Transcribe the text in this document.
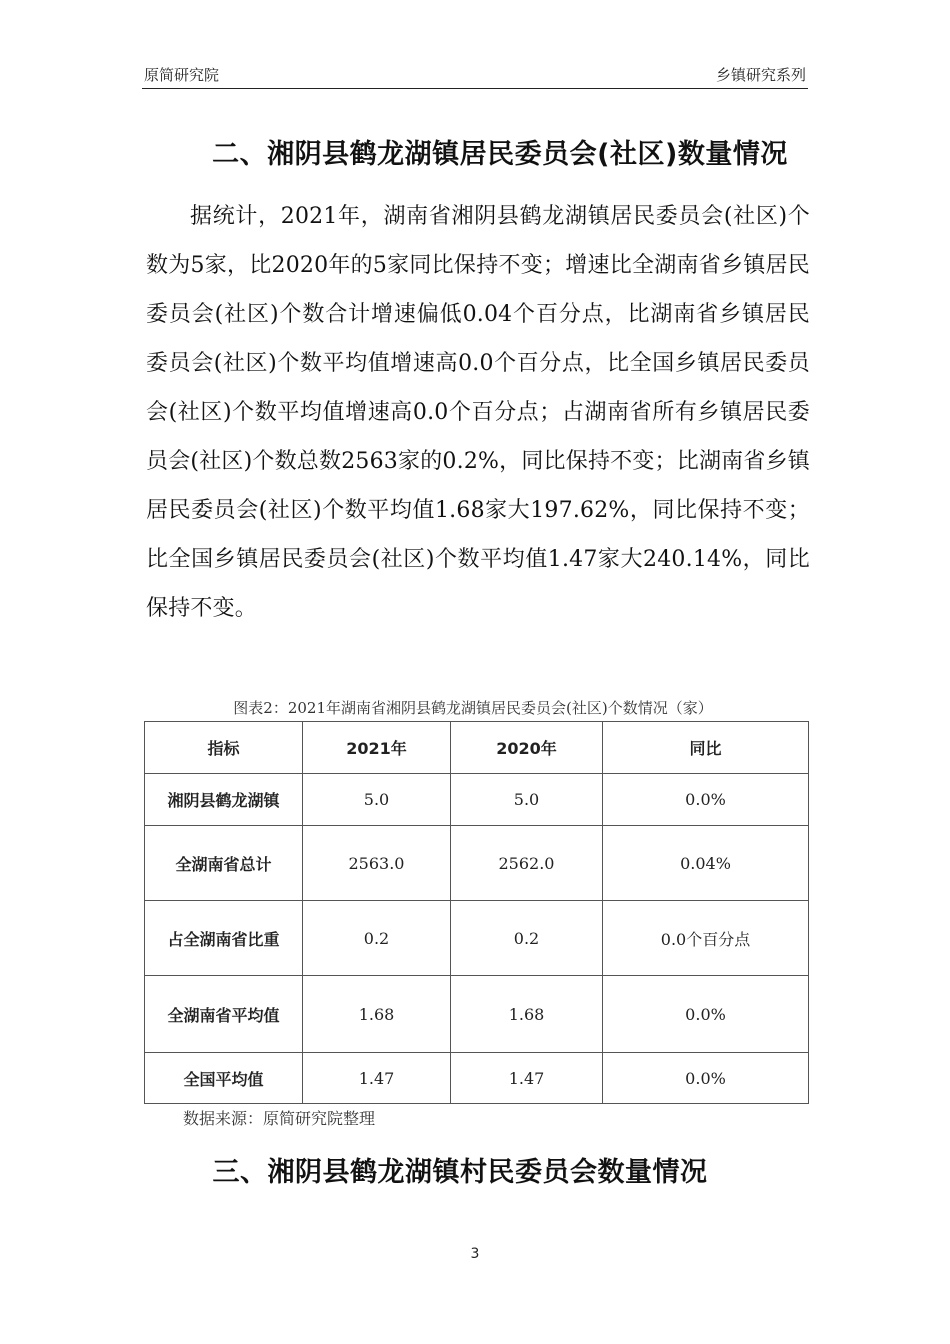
原简研究院	乡镇研究系列
二、湘阴县鹤龙湖镇居民委员会(社区)数量情况

据统计，2021年，湖南省湘阴县鹤龙湖镇居民委员会(社区)个数为5家，比2020年的5家同比保持不变；增速比全湖南省乡镇居民委员会(社区)个数合计增速偏低0.04个百分点，比湖南省乡镇居民委员会(社区)个数平均值增速高0.0个百分点，比全国乡镇居民委员会(社区)个数平均值增速高0.0个百分点；占湖南省所有乡镇居民委员会(社区)个数总数2563家的0.2%，同比保持不变；比湖南省乡镇居民委员会(社区)个数平均值1.68家大197.62%，同比保持不变；比全国乡镇居民委员会(社区)个数平均值1.47家大240.14%，同比保持不变。

图表2：2021年湖南省湘阴县鹤龙湖镇居民委员会(社区)个数情况（家）
指标	2021年	2020年	同比
湘阴县鹤龙湖镇	5.0	5.0	0.0%
全湖南省总计	2563.0	2562.0	0.04%
占全湖南省比重	0.2	0.2	0.0个百分点
全湖南省平均值	1.68	1.68	0.0%
全国平均值	1.47	1.47	0.0%
数据来源：原简研究院整理
三、湘阴县鹤龙湖镇村民委员会数量情况
3
